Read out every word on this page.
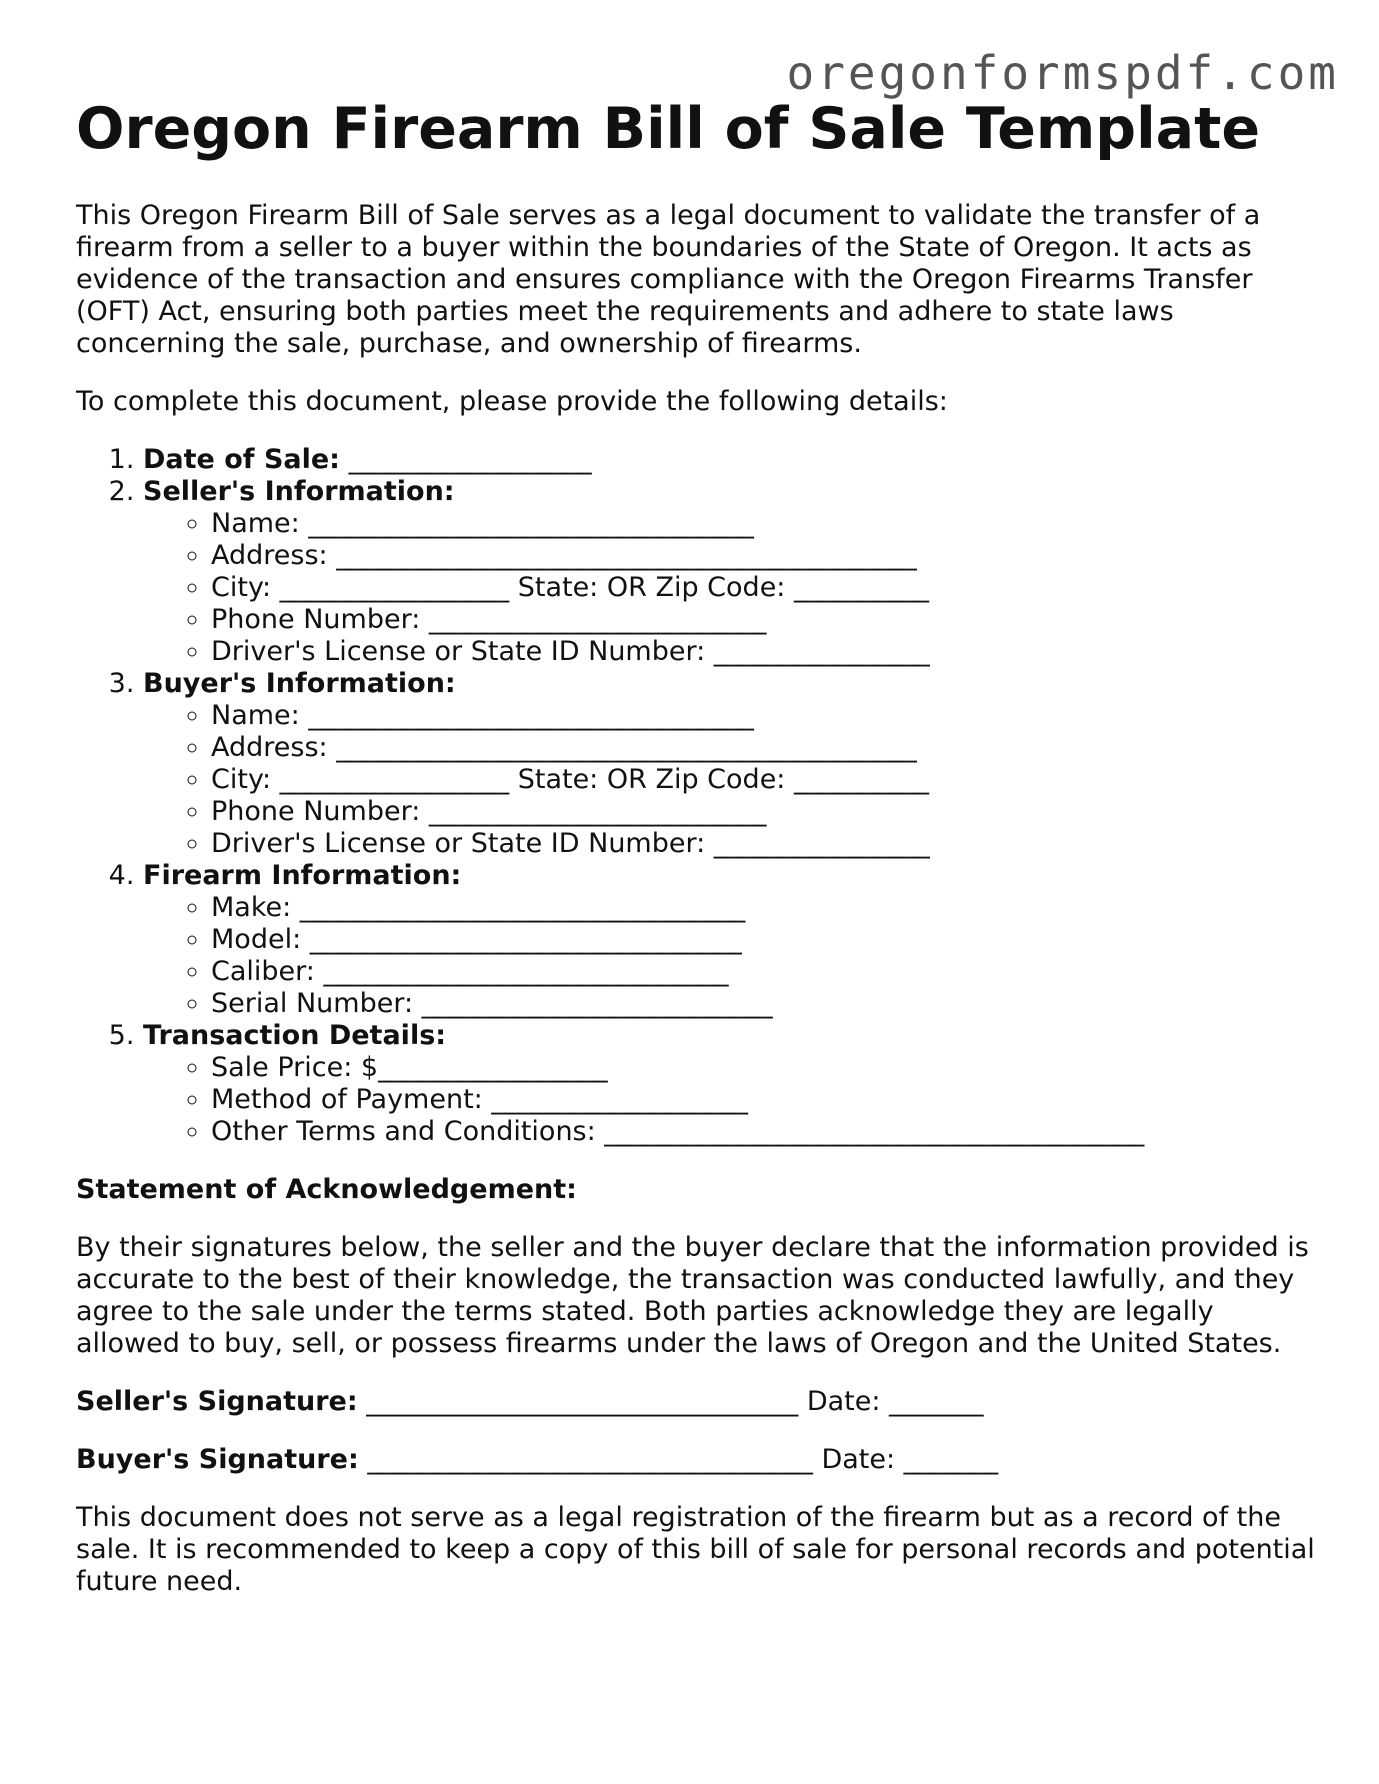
oregonformspdf.com
Oregon Firearm Bill of Sale Template

This Oregon Firearm Bill of Sale serves as a legal document to validate the transfer of a firearm from a seller to a buyer within the boundaries of the State of Oregon. It acts as evidence of the transaction and ensures compliance with the Oregon Firearms Transfer (OFT) Act, ensuring both parties meet the requirements and adhere to state laws concerning the sale, purchase, and ownership of firearms.

To complete this document, please provide the following details:

1. Date of Sale: __________________
2. Seller's Information:
◦ Name: _________________________________
◦ Address: ___________________________________________
◦ City: _________________ State: OR Zip Code: __________
◦ Phone Number: _________________________
◦ Driver's License or State ID Number: ________________
3. Buyer's Information:
◦ Name: _________________________________
◦ Address: ___________________________________________
◦ City: _________________ State: OR Zip Code: __________
◦ Phone Number: _________________________
◦ Driver's License or State ID Number: ________________
4. Firearm Information:
◦ Make: _________________________________
◦ Model: ________________________________
◦ Caliber: ______________________________
◦ Serial Number: __________________________
5. Transaction Details:
◦ Sale Price: $_________________
◦ Method of Payment: ___________________
◦ Other Terms and Conditions: ________________________________________

Statement of Acknowledgement:

By their signatures below, the seller and the buyer declare that the information provided is accurate to the best of their knowledge, the transaction was conducted lawfully, and they agree to the sale under the terms stated. Both parties acknowledge they are legally allowed to buy, sell, or possess firearms under the laws of Oregon and the United States.

Seller's Signature: ________________________________ Date: _______

Buyer's Signature: _________________________________ Date: _______

This document does not serve as a legal registration of the firearm but as a record of the sale. It is recommended to keep a copy of this bill of sale for personal records and potential future need.
